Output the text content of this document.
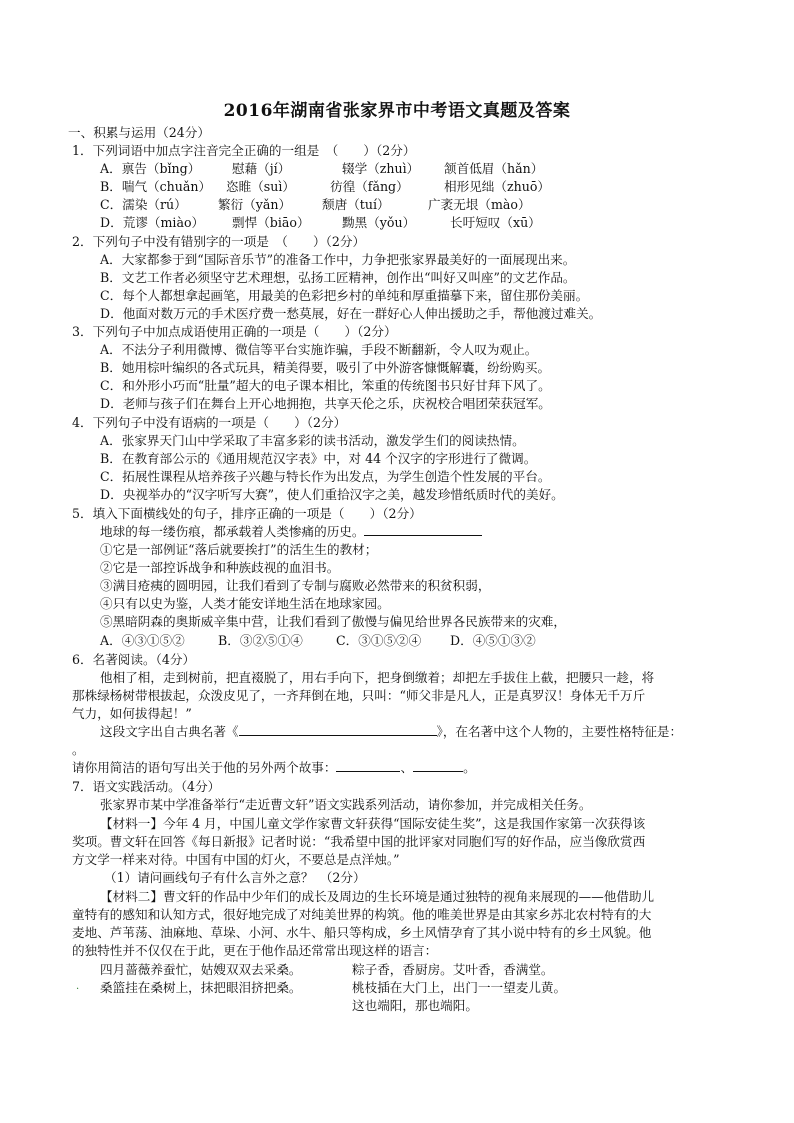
2016年湖南省张家界市中考语文真题及答案
一、积累与运用（24分）
1．下列词语中加点字注音完全正确的一组是　（　　）（2分）
A．禀告（bǐng）	慰藉（jí）	辍学（zhuì） 颔首低眉（hǎn）
B．喘气（chuǎn） 恣睢（suì）	彷徨（fǎng）	相形见绌（zhuō）
C．濡染（rú） 繁衍（yǎn） 颓唐（tuí）	广袤无垠（mào）
D．荒谬（miào） 剽悍（biāo）	黝黑（yǒu）	长吁短叹（xū）
2．下列句子中没有错别字的一项是　（　　）（2分）
A．大家都参于到“国际音乐节”的准备工作中，力争把张家界最美好的一面展现出来。
B．文艺工作者必须坚守艺术理想，弘扬工匠精神，创作出“叫好又叫座”的文艺作品。
C．每个人都想拿起画笔，用最美的色彩把乡村的单纯和厚重描摹下来，留住那份美丽。
D．他面对数万元的手术医疗费一愁莫展，好在一群好心人伸出援助之手，帮他渡过难关。
3．下列句子中加点成语使用正确的一项是（　　）（2分）
A．不法分子利用微博、微信等平台实施诈骗，手段不断翻新，令人叹为观止。
B．她用棕叶编织的各式玩具，精美得要，吸引了中外游客慷慨解囊，纷纷购买。
C．和外形小巧而“肚量”超大的电子课本相比，笨重的传统图书只好甘拜下风了。
D．老师与孩子们在舞台上开心地拥抱，共享天伦之乐，庆祝校合唱团荣获冠军。
4．下列句子中没有语病的一项是（　　）（2分）
A．张家界天门山中学采取了丰富多彩的读书活动，激发学生们的阅读热情。
B．在教育部公示的《通用规范汉字表》中，对 44 个汉字的字形进行了微调。
C．拓展性课程从培养孩子兴趣与特长作为出发点，为学生创造个性发展的平台。
D．央视举办的“汉字听写大赛”，使人们重拾汉字之美，越发珍惜纸质时代的美好。
5．填入下面横线处的句子，排序正确的一项是（　　）（2分）
地球的每一缕伤痕，都承载着人类惨痛的历史。
①它是一部例证“落后就要挨打”的活生生的教材；
②它是一部控诉战争和种族歧视的血泪书。
③满目疮痍的圆明园，让我们看到了专制与腐败必然带来的积贫积弱，
④只有以史为鉴，人类才能安详地生活在地球家园。
⑤黑暗阴森的奥斯威辛集中营，让我们看到了傲慢与偏见给世界各民族带来的灾难，
A．④③①⑤②	B．③②⑤①④	C．③①⑤②④ D．④⑤①③②
6．名著阅读。（4分）
他相了相，走到树前，把直裰脱了，用右手向下，把身倒缴着；却把左手拔住上截，把腰只一趁，将
那株绿杨树带根拔起，众泼皮见了，一齐拜倒在地，只叫：“师父非是凡人，正是真罗汉！身体无千万斤
气力，如何拔得起！”
这段文字出自古典名著《	》，在名著中这个人物的，主要性格特征是：
。
请你用简洁的语句写出关于他的另外两个故事：	、	。
7．语文实践活动。（4分）
张家界市某中学准备举行“走近曹文轩”语文实践系列活动，请你参加，并完成相关任务。
【材料一】今年 4 月，中国儿童文学作家曹文轩获得“国际安徒生奖”，这是我国作家第一次获得该
奖项。曹文轩在回答《每日新报》记者时说：“我希望中国的批评家对同胞们写的好作品，应当像欣赏西
方文学一样来对待。中国有中国的灯火，不要总是点洋烛。”
（1）请问画线句子有什么言外之意？　（2分）
【材料二】曹文轩的作品中少年们的成长及周边的生长环境是通过独特的视角来展现的——他借助儿
童特有的感知和认知方式，很好地完成了对纯美世界的构筑。他的唯美世界是由其家乡苏北农村特有的大
麦地、芦苇荡、油麻地、草垛、小河、水牛、船只等构成，乡土风情孕育了其小说中特有的乡土风貌。他
的独特性并不仅仅在于此，更在于他作品还常常出现这样的语言：
四月蔷薇养蚕忙，姑嫂双双去采桑。	粽子香，香厨房。艾叶香，香满堂。
. 桑篮挂在桑树上，抹把眼泪挤把桑。	桃枝插在大门上，出门一一望麦儿黄。
这也端阳，那也端阳。
